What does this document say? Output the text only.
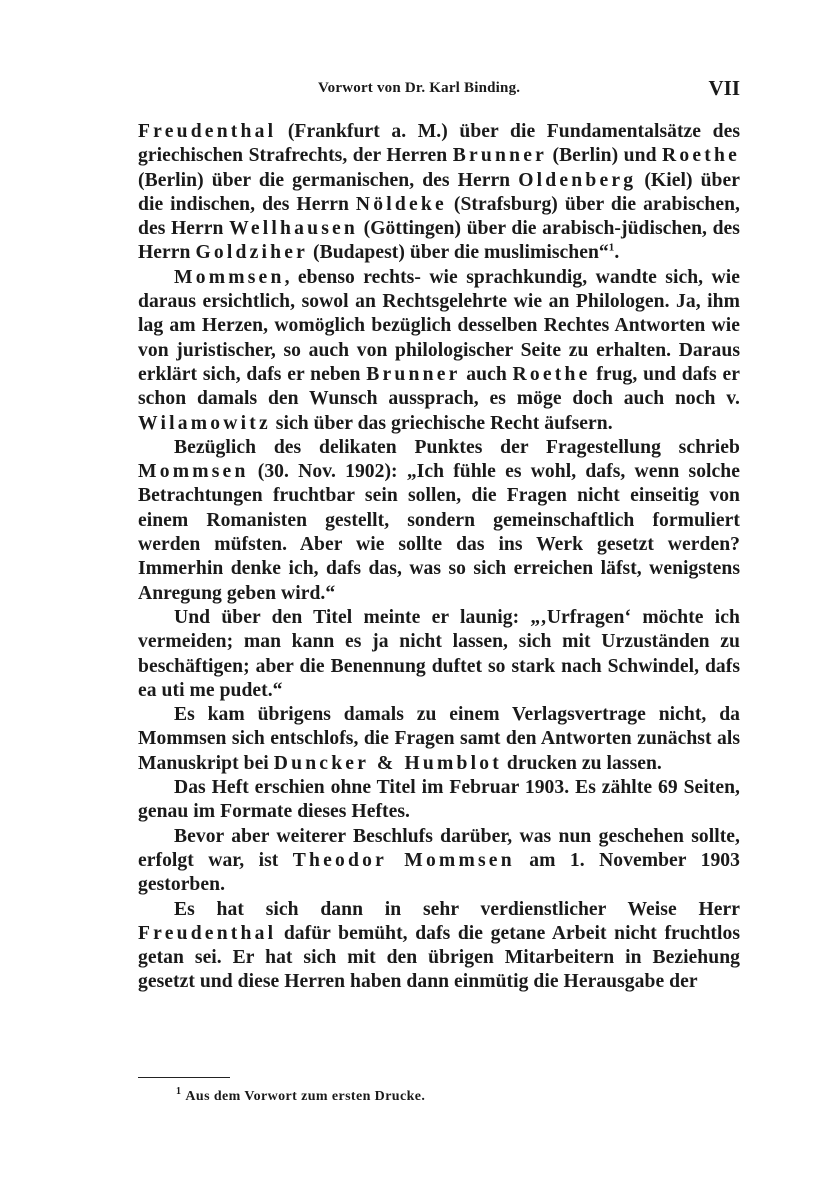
Vorwort von Dr. Karl Binding.	VII

Freudenthal (Frankfurt a. M.) über die Fundamentalsätze des griechischen Strafrechts, der Herren Brunner (Berlin) und Roethe (Berlin) über die germanischen, des Herrn Oldenberg (Kiel) über die indischen, des Herrn Nöldeke (Strafsburg) über die arabischen, des Herrn Wellhausen (Göttingen) über die arabisch-jüdischen, des Herrn Goldziher (Budapest) über die muslimischen“$^1$.

Mommsen, ebenso rechts- wie sprachkundig, wandte sich, wie daraus ersichtlich, sowol an Rechtsgelehrte wie an Philologen. Ja, ihm lag am Herzen, womöglich bezüglich desselben Rechtes Antworten wie von juristischer, so auch von philologischer Seite zu erhalten. Daraus erklärt sich, dafs er neben Brunner auch Roethe frug, und dafs er schon damals den Wunsch aussprach, es möge doch auch noch v. Wilamowitz sich über das griechische Recht äufsern.

Bezüglich des delikaten Punktes der Fragestellung schrieb Mommsen (30. Nov. 1902): „Ich fühle es wohl, dafs, wenn solche Betrachtungen fruchtbar sein sollen, die Fragen nicht einseitig von einem Romanisten gestellt, sondern gemeinschaftlich formuliert werden müfsten. Aber wie sollte das ins Werk gesetzt werden? Immerhin denke ich, dafs das, was so sich erreichen läfst, wenigstens Anregung geben wird.“

Und über den Titel meinte er launig: „‚Urfragen‘ möchte ich vermeiden; man kann es ja nicht lassen, sich mit Urzuständen zu beschäftigen; aber die Benennung duftet so stark nach Schwindel, dafs ea uti me pudet.“

Es kam übrigens damals zu einem Verlagsvertrage nicht, da Mommsen sich entschlofs, die Fragen samt den Antworten zunächst als Manuskript bei Duncker & Humblot drucken zu lassen.

Das Heft erschien ohne Titel im Februar 1903. Es zählte 69 Seiten, genau im Formate dieses Heftes.

Bevor aber weiterer Beschlufs darüber, was nun geschehen sollte, erfolgt war, ist Theodor Mommsen am 1. November 1903 gestorben.

Es hat sich dann in sehr verdienstlicher Weise Herr Freudenthal dafür bemüht, dafs die getane Arbeit nicht fruchtlos getan sei. Er hat sich mit den übrigen Mitarbeitern in Beziehung gesetzt und diese Herren haben dann einmütig die Herausgabe der

$^1$ Aus dem Vorwort zum ersten Drucke.
